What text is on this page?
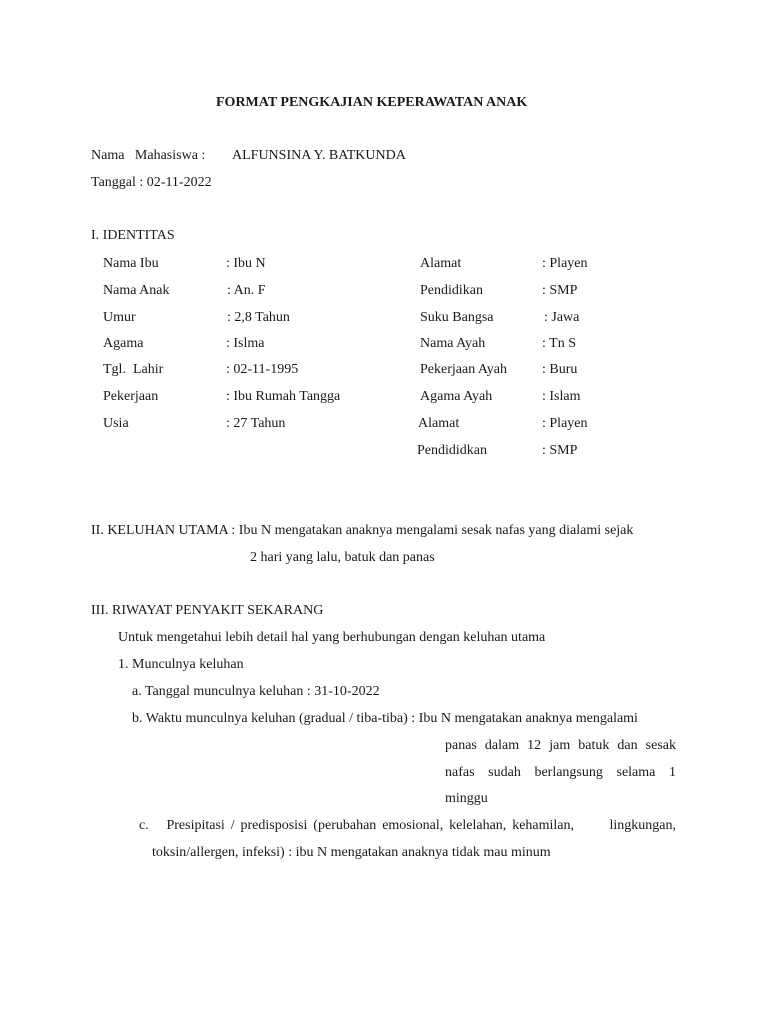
FORMAT PENGKAJIAN KEPERAWATAN ANAK
Nama   Mahasiswa : ALFUNSINA Y. BATKUNDA
Tanggal : 02-11-2022
I. IDENTITAS
Nama Ibu	: Ibu N
Nama Anak	: An. F
Umur	: 2,8 Tahun
Agama	: Islma
Tgl.  Lahir	: 02-11-1995
Pekerjaan	: Ibu Rumah Tangga
Usia	: 27 Tahun
Alamat	: Playen
Pendidikan	: SMP
Suku Bangsa	: Jawa
Nama Ayah	: Tn S
Pekerjaan Ayah	: Buru
Agama Ayah	: Islam
Alamat	: Playen
Pendididkan	: SMP
II. KELUHAN UTAMA : Ibu N mengatakan anaknya mengalami sesak nafas yang dialami sejak
2 hari yang lalu, batuk dan panas
III. RIWAYAT PENYAKIT SEKARANG
Untuk mengetahui lebih detail hal yang berhubungan dengan keluhan utama
1. Munculnya keluhan
a. Tanggal munculnya keluhan : 31-10-2022
b. Waktu munculnya keluhan (gradual / tiba-tiba) : Ibu N mengatakan anaknya mengalami
panas dalam 12 jam batuk dan sesak
nafas sudah berlangsung selama 1
minggu
c.   Presipitasi / predisposisi (perubahan emosional, kelelahan, kehamilan,      lingkungan,
toksin/allergen, infeksi) : ibu N mengatakan anaknya tidak mau minum
